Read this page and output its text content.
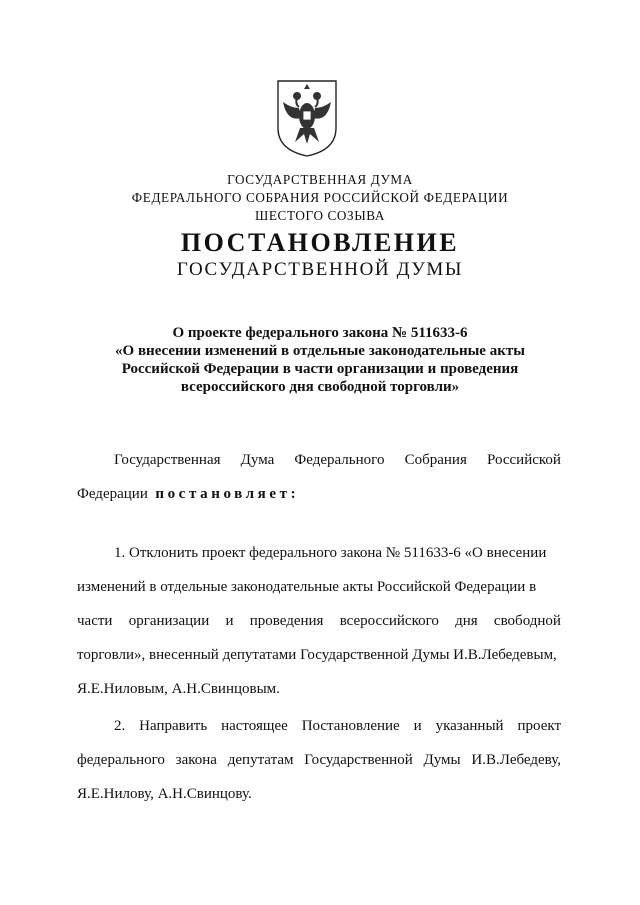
ГОСУДАРСТВЕННАЯ ДУМА
ФЕДЕРАЛЬНОГО СОБРАНИЯ РОССИЙСКОЙ ФЕДЕРАЦИИ
ШЕСТОГО СОЗЫВА
ПОСТАНОВЛЕНИЕ
ГОСУДАРСТВЕННОЙ ДУМЫ
О проекте федерального закона № 511633-6
«О внесении изменений в отдельные законодательные акты
Российской Федерации в части организации и проведения
всероссийского дня свободной торговли»
Государственная Дума Федерального Собрания Российской
Федерации постановляет:
1. Отклонить проект федерального закона № 511633-6 «О внесении
изменений в отдельные законодательные акты Российской Федерации в
части организации и проведения всероссийского дня свободной
торговли», внесенный депутатами Государственной Думы И.В.Лебедевым,
Я.Е.Ниловым, А.Н.Свинцовым.
2. Направить настоящее Постановление и указанный проект
федерального закона депутатам Государственной Думы И.В.Лебедеву,
Я.Е.Нилову, А.Н.Свинцову.
